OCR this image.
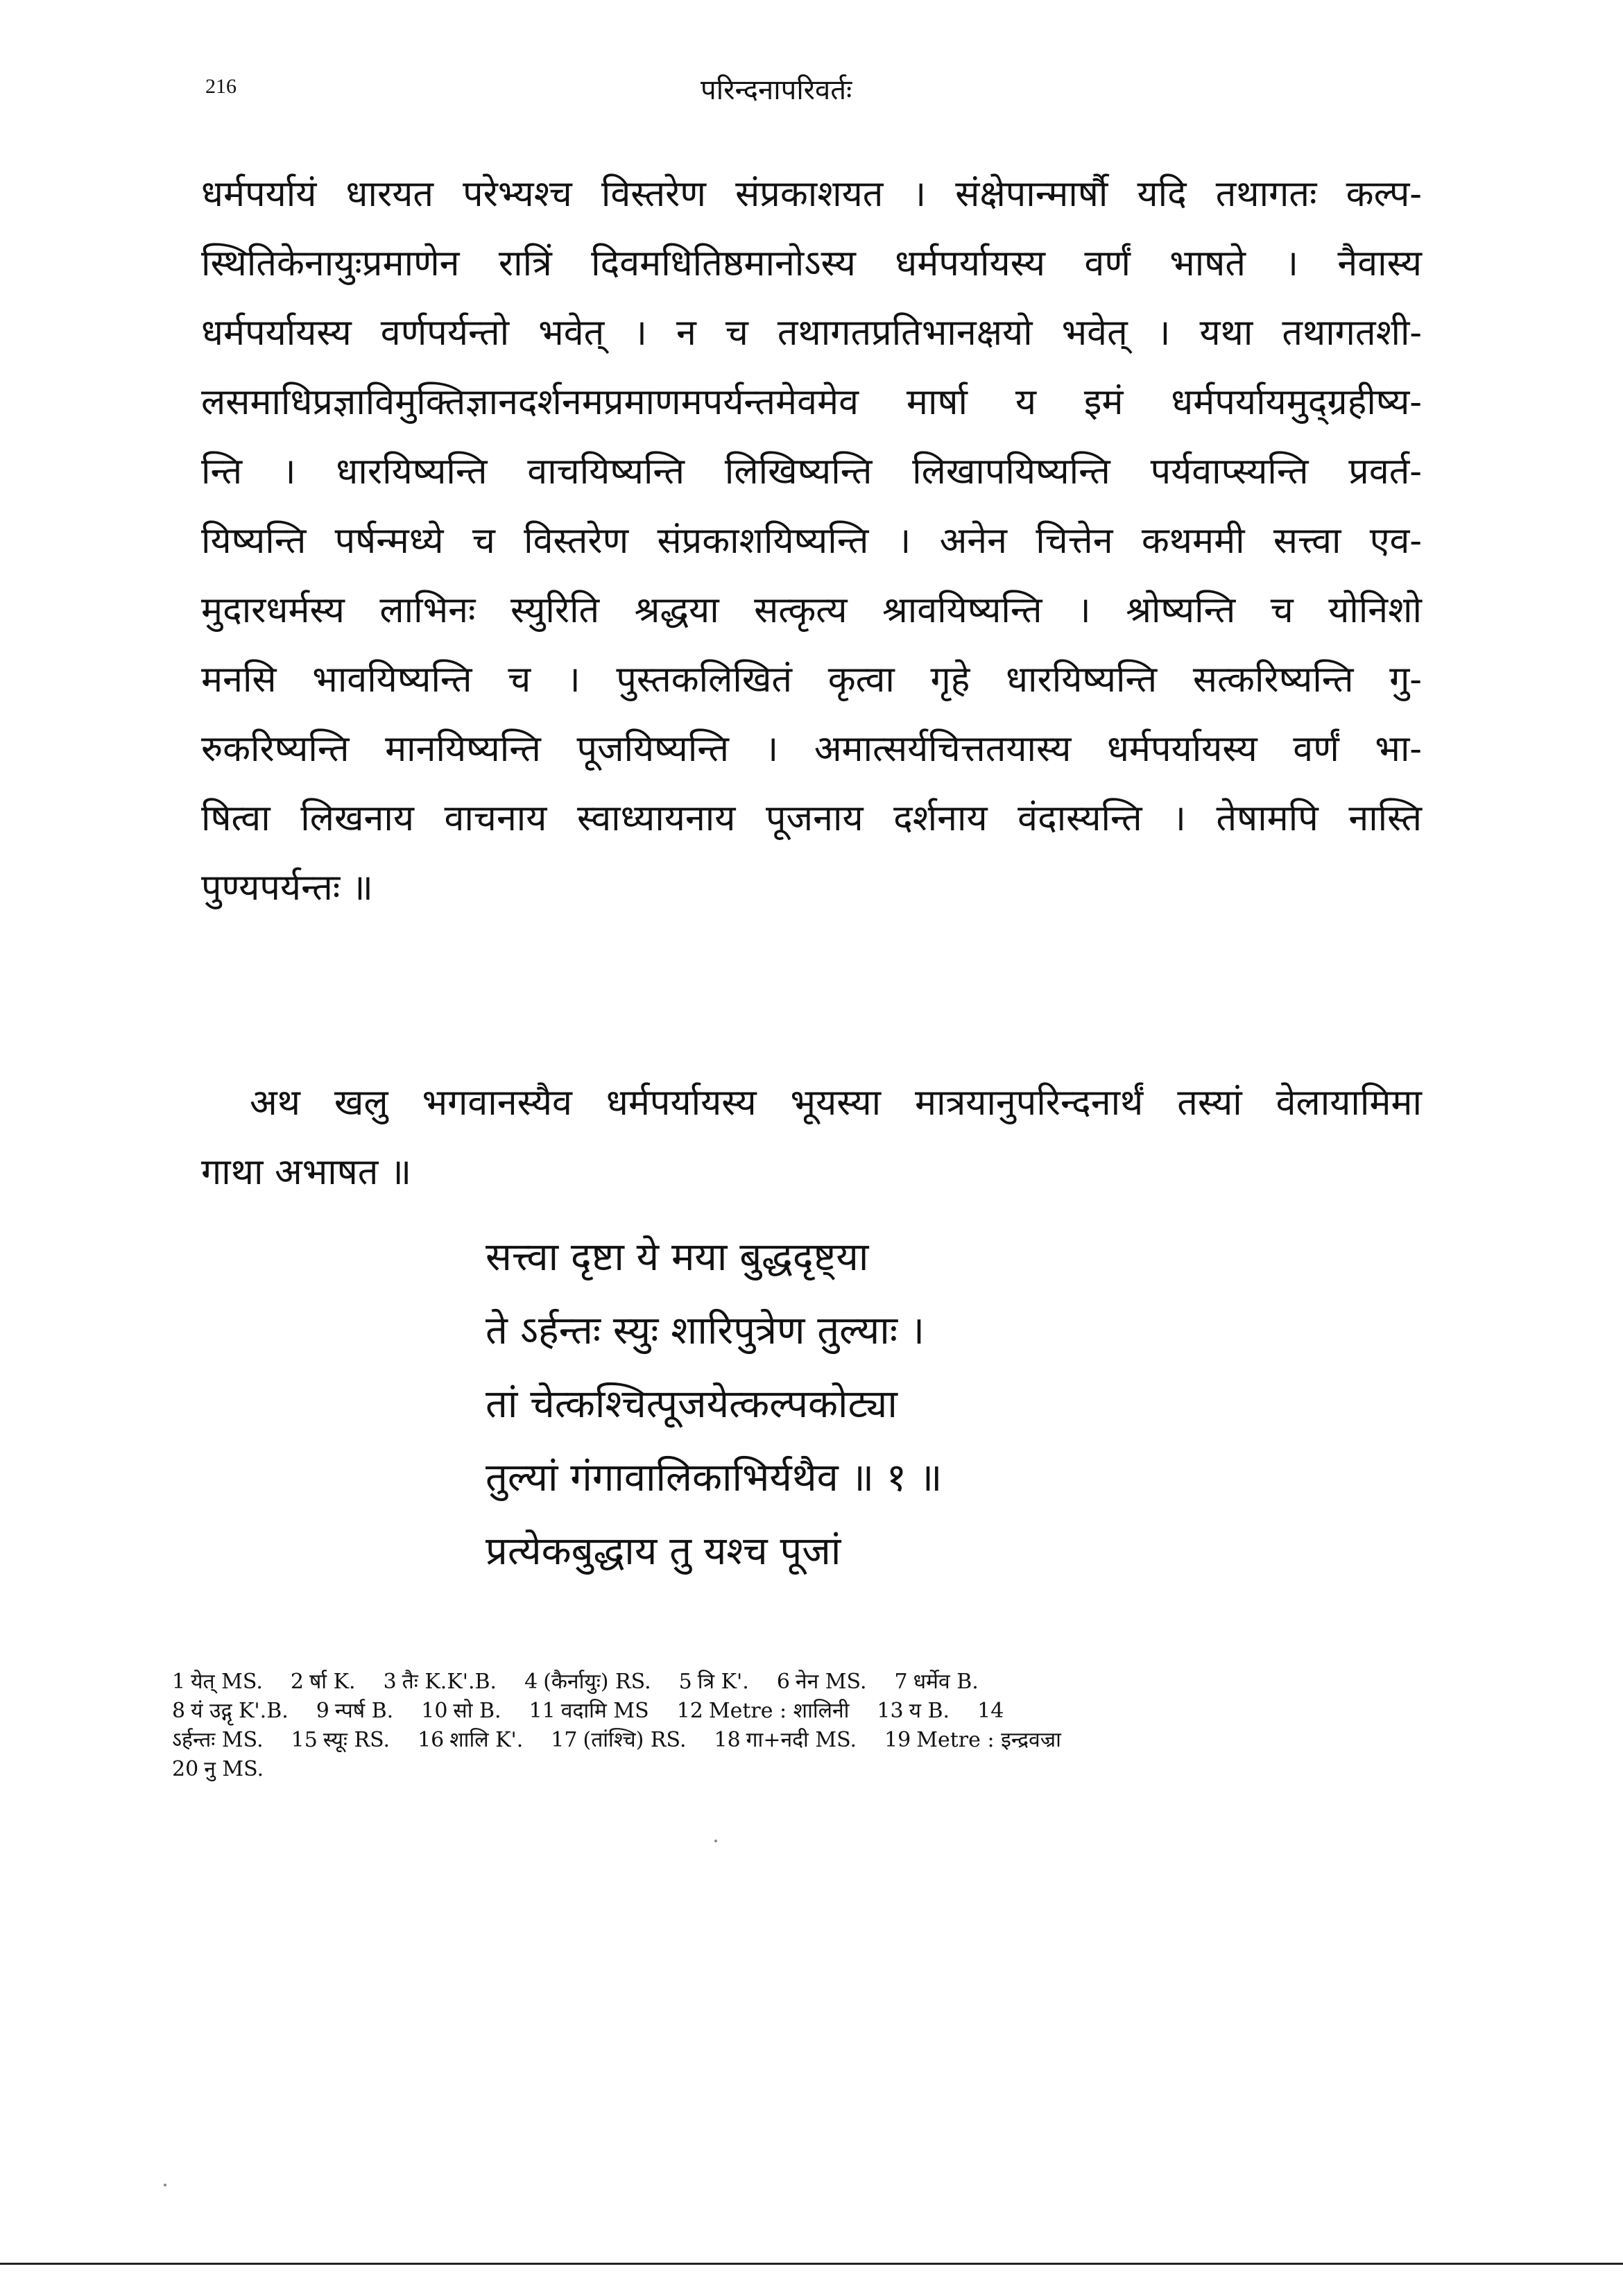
216	परिन्दनापरिवर्तः
धर्मपर्यायं धारयत परेभ्यश्च विस्तरेण संप्रकाशयत । संक्षेपान्मार्षौ यदि तथागतः कल्प-
स्थितिकेनायुःप्रमाणेन रात्रिं दिवमधितिष्ठमानोऽस्य धर्मपर्यायस्य वर्णं भाषते । नैवास्य
धर्मपर्यायस्य वर्णपर्यन्तो भवेत् । न च तथागतप्रतिभानक्षयो भवेत् । यथा तथागतशी-
लसमाधिप्रज्ञाविमुक्तिज्ञानदर्शनमप्रमाणमपर्यन्तमेवमेव मार्षा य इमं धर्मपर्यायमुद्ग्रहीष्य-
न्ति । धारयिष्यन्ति वाचयिष्यन्ति लिखिष्यन्ति लिखापयिष्यन्ति पर्यवाप्स्यन्ति प्रवर्त-
यिष्यन्ति पर्षन्मध्ये च विस्तरेण संप्रकाशयिष्यन्ति । अनेन चित्तेन कथममी सत्त्वा एव-
मुदारधर्मस्य लाभिनः स्युरिति श्रद्धया सत्कृत्य श्रावयिष्यन्ति । श्रोष्यन्ति च योनिशो
मनसि भावयिष्यन्ति च । पुस्तकलिखितं कृत्वा गृहे धारयिष्यन्ति सत्करिष्यन्ति गु-
रुकरिष्यन्ति मानयिष्यन्ति पूजयिष्यन्ति । अमात्सर्यचित्ततयास्य धर्मपर्यायस्य वर्णं भा-
षित्वा लिखनाय वाचनाय स्वाध्यायनाय पूजनाय दर्शनाय वंदास्यन्ति । तेषामपि नास्ति
पुण्यपर्यन्तः ॥
अथ खलु भगवानस्यैव धर्मपर्यायस्य भूयस्या मात्रयानुपरिन्दनार्थं तस्यां वेलायामिमा
गाथा अभाषत ॥
सत्त्वा दृष्टा ये मया बुद्धदृष्ट्या
ते ऽर्हन्तः स्युः शारिपुत्रेण तुल्याः ।
तां चेत्कश्चित्पूजयेत्कल्पकोट्या
तुल्यां गंगावालिकाभिर्यथैव ॥ १ ॥
प्रत्येकबुद्धाय तु यश्च पूजां
1 येत् MS. 2 र्षा K. 3 तैः K.K'.B. 4 (कैर्नायुः) RS. 5 त्रि K'. 6 नेन MS. 7 धर्मेव B.
8 यं उद्गृ K'.B. 9 न्पर्ष B. 10 सो B. 11 वदामि MS 12 Metre : शालिनी 13 य B. 14
ऽर्हन्तः MS. 15 स्यूः RS. 16 शालि K'. 17 (तांश्चि) RS. 18 गा+नदी MS. 19 Metre : इन्द्रवज्रा
20 नु MS.
